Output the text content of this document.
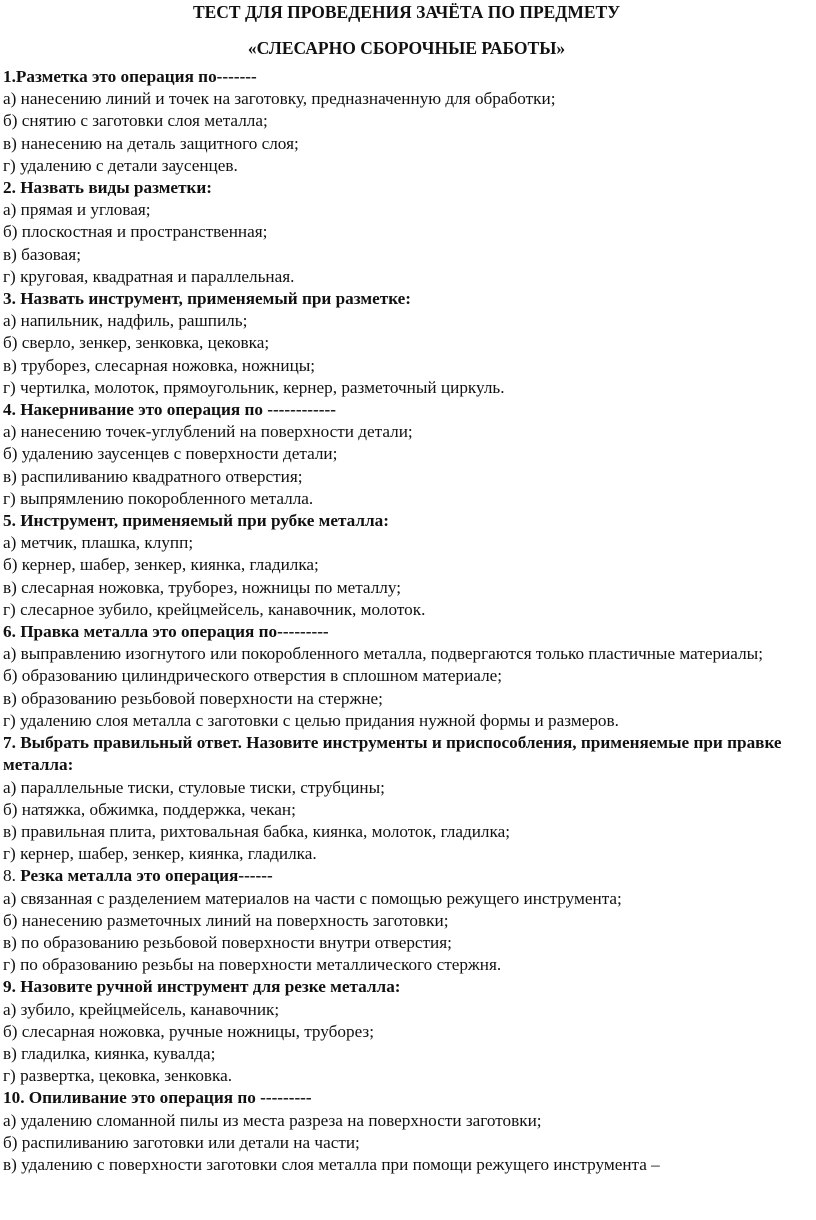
ТЕСТ ДЛЯ ПРОВЕДЕНИЯ ЗАЧЁТА ПО ПРЕДМЕТУ

«СЛЕСАРНО СБОРОЧНЫЕ РАБОТЫ»

1.Разметка это операция по-------

а) нанесению линий и точек на заготовку, предназначенную для обработки;

б) снятию с заготовки слоя металла;

в) нанесению на деталь защитного слоя;

г) удалению с детали заусенцев.

2. Назвать виды разметки:

а) прямая и угловая;

б) плоскостная и пространственная;

в) базовая;

г) круговая, квадратная и параллельная.

3. Назвать инструмент, применяемый при разметке:

а) напильник, надфиль, рашпиль;

б) сверло, зенкер, зенковка, цековка;

в) труборез, слесарная ножовка, ножницы;

г) чертилка, молоток, прямоугольник, кернер, разметочный циркуль.

4. Накернивание это операция по ------------

а) нанесению точек-углублений на поверхности детали;

б) удалению заусенцев с поверхности детали;

в) распиливанию квадратного отверстия;

г) выпрямлению покоробленного металла.

5. Инструмент, применяемый при рубке металла:

а) метчик, плашка, клупп;

б) кернер, шабер, зенкер, киянка, гладилка;

в) слесарная ножовка, труборез, ножницы по металлу;

г) слесарное зубило, крейцмейсель, канавочник, молоток.

6. Правка металла это операция по---------

а) выправлению изогнутого или покоробленного металла, подвергаются только пластичные материалы;

б) образованию цилиндрического отверстия в сплошном материале;

в) образованию резьбовой поверхности на стержне;

г) удалению слоя металла с заготовки с целью придания нужной формы и размеров.

7. Выбрать правильный ответ. Назовите инструменты и приспособления, применяемые при правке металла:

а) параллельные тиски, стуловые тиски, струбцины;

б) натяжка, обжимка, поддержка, чекан;

в) правильная плита, рихтовальная бабка, киянка, молоток, гладилка;

г) кернер, шабер, зенкер, киянка, гладилка.

8. Резка металла это операция------

а) связанная с разделением материалов на части с помощью режущего инструмента;

б) нанесению разметочных линий на поверхность заготовки;

в) по образованию резьбовой поверхности внутри отверстия;

г) по образованию резьбы на поверхности металлического стержня.

9. Назовите ручной инструмент для резке металла:

а) зубило, крейцмейсель, канавочник;

б) слесарная ножовка, ручные ножницы, труборез;

в) гладилка, киянка, кувалда;

г) развертка, цековка, зенковка.

10. Опиливание это операция по ---------

а) удалению сломанной пилы из места разреза на поверхности заготовки;

б) распиливанию заготовки или детали на части;

в) удалению с поверхности заготовки слоя металла при помощи режущего инструмента –
